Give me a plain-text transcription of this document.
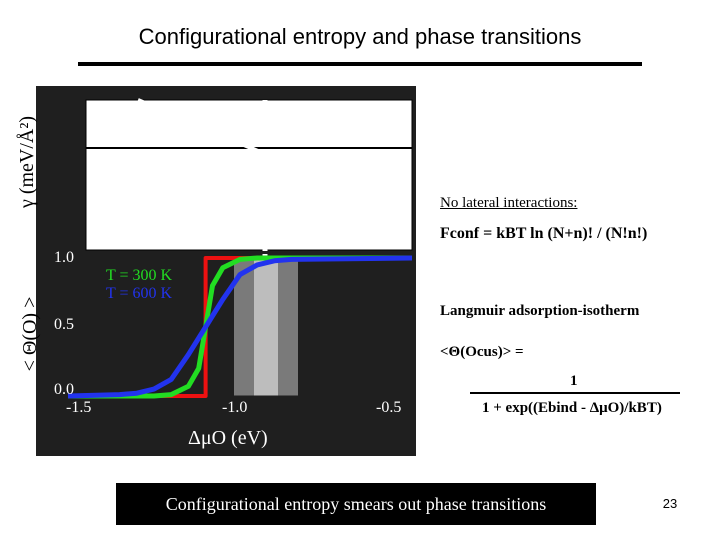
Configurational entropy and phase transitions
γ (meV/Å²)
< Θ(O) >
1.0
0.5
0.0
-1.5	-1.0	-0.5
ΔμO (eV)
T = 300 K
T = 600 K
No lateral interactions:
Fconf = kBT ln (N+n)! / (N!n!)
Langmuir adsorption-isotherm
<Θ(Ocus)> =
1
1 + exp((Ebind - ΔμO)/kBT)
Configurational entropy smears out phase transitions	23
